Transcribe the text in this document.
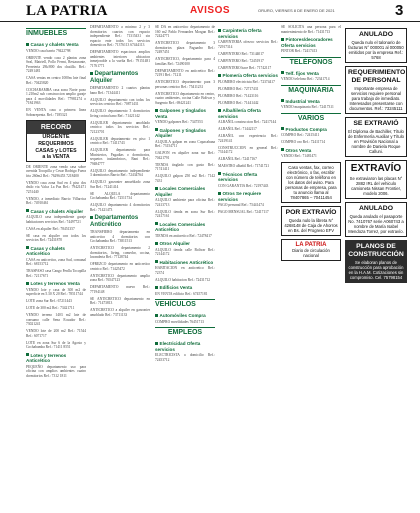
LA PATRIA	AVISOS	ORURO, VIERNES 8 DE ENERO DE 2021	3
INMUEBLES
Casas y chalets Venta
VENDO casa barrio 79422798
ORIENTE vendo casa 2 plantas zona Seal, Matriell, Pollo Fermi, Restaurante, Ferreteria 29k/800 dos chatillo. Ref.: 72491481
CASA ventas en centro 1000m lote final Ref.: 70425820
COCHABAMBA casa zona Norte pozo 1.210m2 sub construccion amplio garaje para 4 movilidades Ref.: 77981274 o 71841963
EN VENTA casa a primera linea Sobrarepenta. Ref.: 7185321
RECORD
URGENTE
REQUERIMOS
CASAS y LOTES
a la VENTA
DE ORIENTE zona vendo casa sobre avenida Tocopilla y Cesar Rodrigo Fuera frio 260m2 Ref.: 76296453 7218400
VENDO casa zona Sud en 4 piso dos dntlo via Valca La Paz Ref.: 79421471 7251440
VENDO, a inmediato Barrio Villarrica Ref.: 74910461
Casas y chalets Alquiler
ALQUILO casa independiente garaje habitaciones servicios Ref.: 74497721
CASA en alquiler Ref.: 78451357
SE casa en alquiler con todos los servicios Ref.: 72431870
Casas y chalets Anticrético
CASA en anticretico, zona Sud, comunal Ref.: 68153712
TRASPASO casa Cango Fenlla Tocopilla Ref.: 72117671
Lotes y terrenos Venta
VENDO lote y casa de 300 m2 de superficie en 5.30 X 20 Ref.: 78511744
LOTE zona Sur Ref.: 67211443
LOTE de 300 m2 Ref.: 73421711
VENDO terreno 1403 m2 lote de consumo calle Sena Ecuador Ref.: 73021241
VENDO lote de 200 m2 Ref.: 71544 Ref.: 6071717
LOTE en zona Sur 6 de la Agosto y Cochabamba Ref.: 71411 8551
Lotes y terrenos Anticrético
PEQUEÑO departamento uso para oficina con amplios ambientes cuatro dormitorios Ref.: 7312 1811
DEPARTAMENTO a minimo 2 y 3 dormitorios cuartos con espacio independiente Ref.: 71315431 sin espacio ente todos los servicios domesticos Ref.: 71376113 67444113
DEPARTAMENTO espaciosos amplios ambientes interiores ubicacion inmejorable a la vuelta Ref.: 79151481 71761771
Departamentos Alquiler
DEPARTAMENTO 2 cuartos plantas bano Ref.: 71344411
ALQUILO departamento con todas los servicios centrico Ref.: 70871431
ALQUILO departamento 3 dormitorios living cocina bano Ref.: 71421142
ALQUILER departamento amoblado centrico todos los servicios Ref.: 72123701
ALQUILER departamento en piso 1 centrico Ref.: 71411743
ALQUILER departamento para Ministerios, Pagadias o dormitorios, sequetos inalambricos, Bani Ref.: 79484777
ALQUILO departamento independiente 3 dormitorios Barrio Ref.: 72434764
ALQUILO garzonier amueblado zona Sur Ref.: 71241414
SE ALQUILA departamento Cochabamba Ref.: 72511734
ALQUILO departamento 4 dormitorios Ref.: 71421473
Departamentos Anticrético
TRANSFIERO departamento en anticretico 4 dormitorios con Cochabamba Ref.: 73811513
ANTICRETICO departamento 2 dormitorios, living, comedor, cocina, lavanderia Ref.: 77128744
OFREZCO departamento en anticretico centrico Ref.: 71425472
ANTICRETICO departamento amplio zona Ref.: 76547123
DEPARTAMENTO nuevo Ref.: 77194148
SE ANTICRETICO departamento en Ref.: 71473813
ANTICRETICO a alquiler en garzonier amoblado Ref.: 73711133
SE DA en anticretico departamento de 160 m2 Pablo Fernandez Morgan Ref.: 72424771
ANTICRETICO departamento 3 dormitorios plaza Paguadro Ref.: 72497451
ANTICRETICO, departamento para 4 familias Ref.: 72490100
DEPARTAMENTO en anticretico Ref.: 72191 Ref.: 71211
ANTICRETICO departamento para 3 personas centrico Ref.: 75411231
ANTICRETICO departamento en centro, cuatro ambientes, cocina Calle Bolivar y Sargento Ref.: 69421241
Galpones y tinglados Venta
VENDO galpones Ref.: 7347553
Galpones y tinglados Alquiler
ALQUILA galpon en zona Copacabana Ref.: 73154711
GALPON en alquiler zona sur Ref.: 70421791
TIENDA tinglado con gusto Ref.: 71741411
ALQUILO galpon 250 m2 Ref.: 7142 7431
Locales Comerciales Alquiler
ALQUILO ambiente para oficina Ref.: 72413713
ALQUILO tienda en zona Sur Ref.: 72417161
Locales Comerciales Anticrético
TIENDA en anticretico Ref.: 72478417
Otros Alquiler
ALQUILO tienda calle Bolivar Ref.: 72144172
Habitaciones Anticrético
HABITACION en anticretico Ref.: 72374
ALQUILO habitacion Ref.: 72431712
Edificios Venta
EN VENTA edificio Ref.: 67457181
VEHÍCULOS
Automóviles Compra
COMPRO movilidades 76451713
EMPLEOS
Electricidad Oferta servicios
ELECTRICISTA a domicilio Ref.: 72453712
Carpintería Oferta servicios
CARPINTERIA ofrezco servicios Ref.: 72917314
CARPINTERO Ref.: 73144017
CARPINTERO Ref.: 72451917
CARPINTERO hace Ref.: 71742117
Plomería Oferta servicios
PLOMERO electricista Ref.: 72374417
PLOMERO Ref.: 72717431
PLOMERO Ref.: 71423116
PLOMERO Ref.: 71441442
Albañilería Oferta servicios
ALBAÑIL construccion Ref.: 72417144
ALBAÑIL Ref.: 71442117
ALBAÑIL con experiencia Ref.: 72419141
CONSTRUCCION en general Ref.: 73144172
ALBAÑIL Ref.: 72417167
MAESTRO albañil Ref.: 71741721
Técnicos Oferta servicios
CON GARANTIA Ref.: 72197443
Otros Se requiere servicios
PAGO personal Ref.: 75441474
PAGO MENSUAL Ref.: 72417117
SE SOLICITA una persona para el mantenimiento de Ref.: 71431713
Pintores/decoradores Oferta servicios
PINTOR Ref.: 72417413
TELÉFONOS
Telf. fijos Venta
VENDO telefono Ref.: 72341714
MAQUINARIA
Industrial Venta
VENDO maquinaria Ref.: 72417311
VARIOS
Productos Compra
COMPRO Ref.: 72415411
COMPRO oro Ref.: 72411714
Otros Venta
VENDO Ref.: 71481471
Caso ventas, fax, correo electrónico, o fax, escribir con número de teléfono en los datos del aviso. Para personas de empresa, para tu anuncio llama al 78407865 – 70411454
POR EXTRAVÍO
Queda nulo la libreta N° 4268148 de Caja de Ahorros en Bs. del Progreso EFV
LA PATRIA
Diario de circulación nacional
ANULADO
Queda nulo el talonario de facturas N° 000001 al 000050 emitidos por la empresa Ref.: 5768
REQUERIMIENTO DE PERSONAL
Importante empresa de servicios requiere personal para trabajo de inmediato. Interesados presentarse con documentos. Ref.: 73245111
SE EXTRAVIÓ
El Diploma de Bachiller, Título de Enfermería Auxiliar y Título en Provisión Nacional a nombre de Daniela Roque Calluni.
EXTRAVÍO
Se extraviaron las placas N° 2882 IRL del vehiculo camioneta Nissan Frontier, modelo 2006.
ANULADO
Queda anulado el pasaporte No. 7410767 serie A060743 a nombre de María Isabel Mendoza Torrez, por extravío.
PLANOS DE CONSTRUCCIÓN
Se elaboran planos de construcción para aprobación en la H.A.M. Cotizaciones sin compromiso. Cel. 75798154
